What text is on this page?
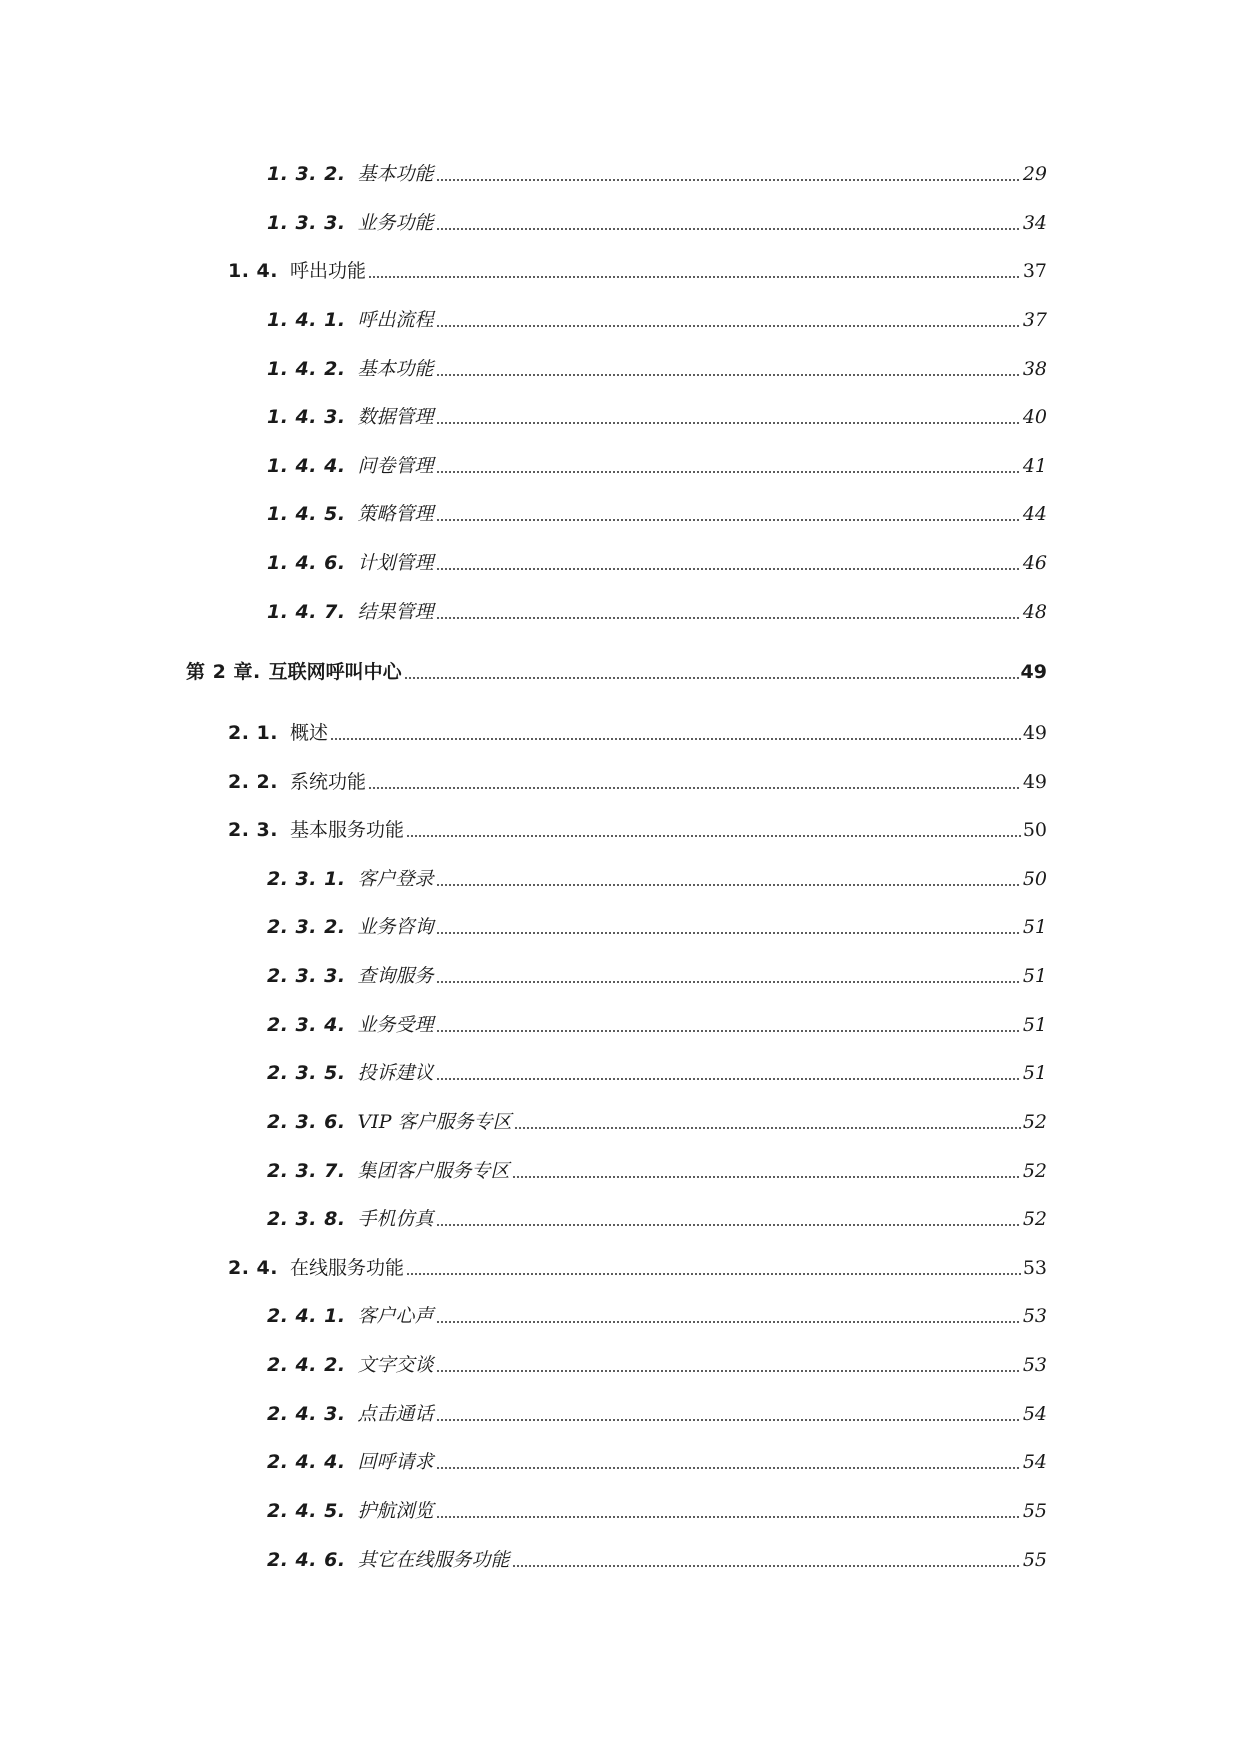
1. 3. 2. 基本功能	29
1. 3. 3. 业务功能	34
1. 4. 呼出功能	37
1. 4. 1. 呼出流程	37
1. 4. 2. 基本功能	38
1. 4. 3. 数据管理	40
1. 4. 4. 问卷管理	41
1. 4. 5. 策略管理	44
1. 4. 6. 计划管理	46
1. 4. 7. 结果管理	48
第 2 章. 互联网呼叫中心	49
2. 1. 概述	49
2. 2. 系统功能	49
2. 3. 基本服务功能	50
2. 3. 1. 客户登录	50
2. 3. 2. 业务咨询	51
2. 3. 3. 查询服务	51
2. 3. 4. 业务受理	51
2. 3. 5. 投诉建议	51
2. 3. 6. VIP 客户服务专区	52
2. 3. 7. 集团客户服务专区	52
2. 3. 8. 手机仿真	52
2. 4. 在线服务功能	53
2. 4. 1. 客户心声	53
2. 4. 2. 文字交谈	53
2. 4. 3. 点击通话	54
2. 4. 4. 回呼请求	54
2. 4. 5. 护航浏览	55
2. 4. 6. 其它在线服务功能	55
